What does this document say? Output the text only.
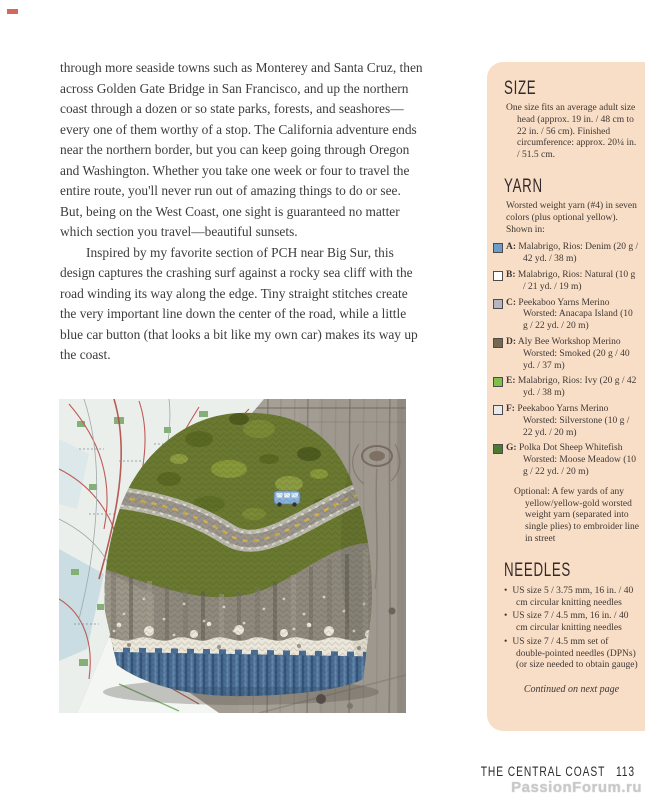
through more seaside towns such as Monterey and Santa Cruz, then across Golden Gate Bridge in San Francisco, and up the northern coast through a dozen or so state parks, forests, and seashores—every one of them worthy of a stop. The California adventure ends near the northern border, but you can keep going through Oregon and Washington. Whether you take one week or four to travel the entire route, you'll never run out of amazing things to do or see. But, being on the West Coast, one sight is guaranteed no matter which section you travel—beautiful sunsets.

Inspired by my favorite section of PCH near Big Sur, this design captures the crashing surf against a rocky sea cliff with the road winding its way along the edge. Tiny straight stitches create the very important line down the center of the road, while a little blue car button (that looks a bit like my own car) makes its way up the coast.

SIZE

One size fits an average adult size head (approx. 19 in. / 48 cm to 22 in. / 56 cm). Finished circumference: approx. 20¼ in. / 51.5 cm.

YARN

Worsted weight yarn (#4) in seven colors (plus optional yellow). Shown in:

A: Malabrigo, Rios: Denim (20 g / 42 yd. / 38 m)
B: Malabrigo, Rios: Natural (10 g / 21 yd. / 19 m)
C: Peekaboo Yarns Merino Worsted: Anacapa Island (10 g / 22 yd. / 20 m)
D: Aly Bee Workshop Merino Worsted: Smoked (20 g / 40 yd. / 37 m)
E: Malabrigo, Rios: Ivy (20 g / 42 yd. / 38 m)
F: Peekaboo Yarns Merino Worsted: Silverstone (10 g / 22 yd. / 20 m)
G: Polka Dot Sheep Whitefish Worsted: Moose Meadow (10 g / 22 yd. / 20 m)

Optional: A few yards of any yellow/yellow-gold worsted weight yarn (separated into single plies) to embroider line in street

NEEDLES
• US size 5 / 3.75 mm, 16 in. / 40 cm circular knitting needles
• US size 7 / 4.5 mm, 16 in. / 40 cm circular knitting needles
• US size 7 / 4.5 mm set of double-pointed needles (DPNs) (or size needed to obtain gauge)

Continued on next page

THE CENTRAL COAST 113
PassionForum.ru
